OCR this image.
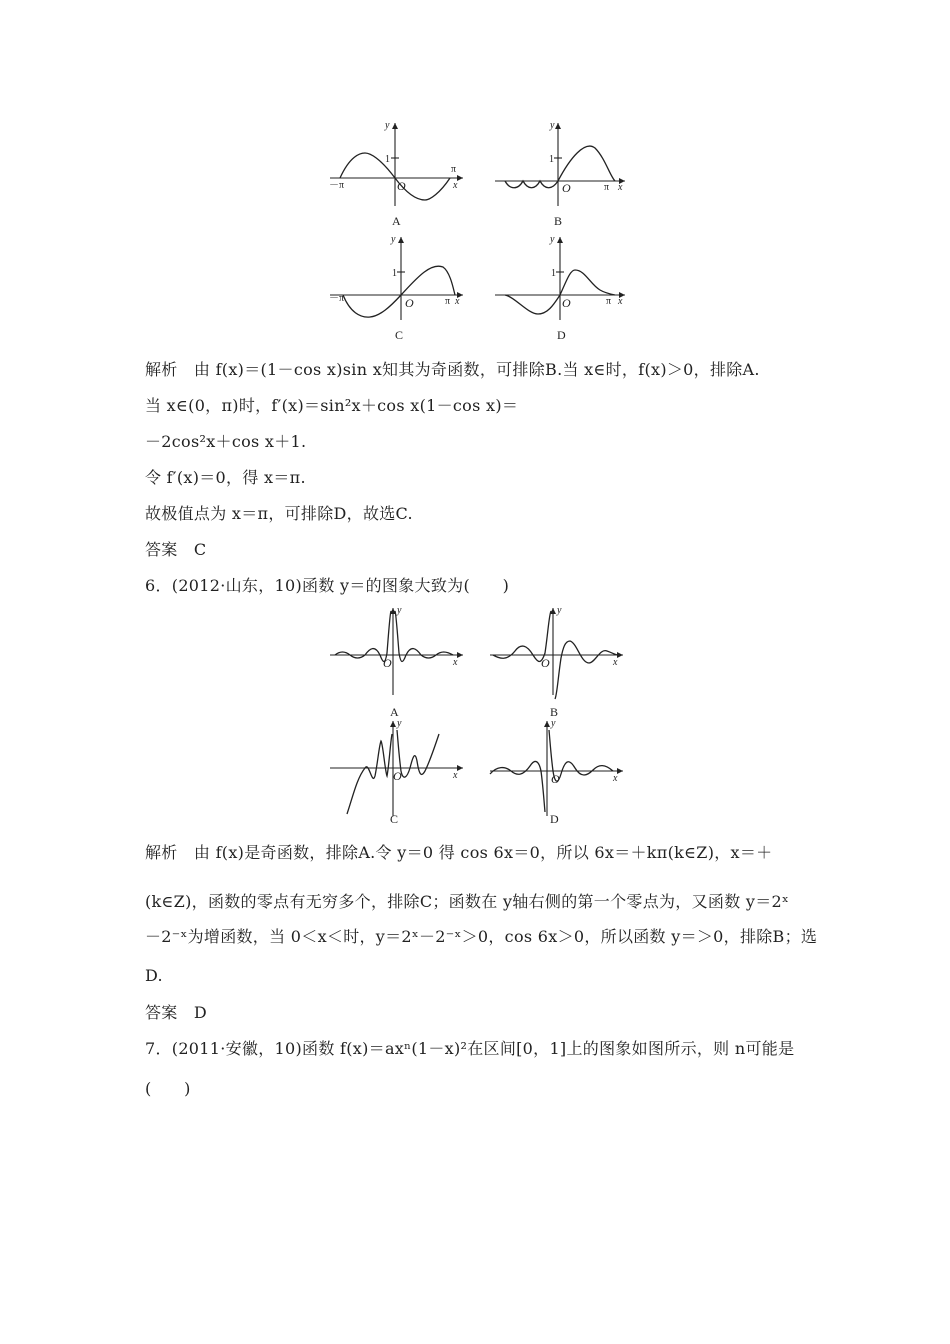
y
1
－π
π
O	x
A
y
1
π
O	x
B
y
1
－π	π
O	x
C
y
1
π
O	x
D
解析　由 f(x)＝(1－cos x)sin x知其为奇函数，可排除B.当 x∈时，f(x)＞0，排除A.
当 x∈(0，π)时，f′(x)＝sin²x＋cos x(1－cos x)＝
－2cos²x＋cos x＋1.
令 f′(x)＝0，得 x＝π.
故极值点为 x＝π，可排除D，故选C.
答案　C
6．(2012·山东，10)函数 y＝的图象大致为(　　)
y
O	x
A
y
O	x
B
y
O	x
C
y
O	x
D
解析　由 f(x)是奇函数，排除A.令 y＝0 得 cos 6x＝0，所以 6x＝＋kπ(k∈Z)，x＝＋
(k∈Z)，函数的零点有无穷多个，排除C；函数在 y轴右侧的第一个零点为，又函数 y＝2ˣ
－2⁻ˣ为增函数，当 0＜x＜时，y＝2ˣ－2⁻ˣ＞0，cos 6x＞0，所以函数 y＝＞0，排除B；选
D.
答案　D
7．(2011·安徽，10)函数 f(x)＝axⁿ(1－x)²在区间[0，1]上的图象如图所示，则 n可能是
(　　)
